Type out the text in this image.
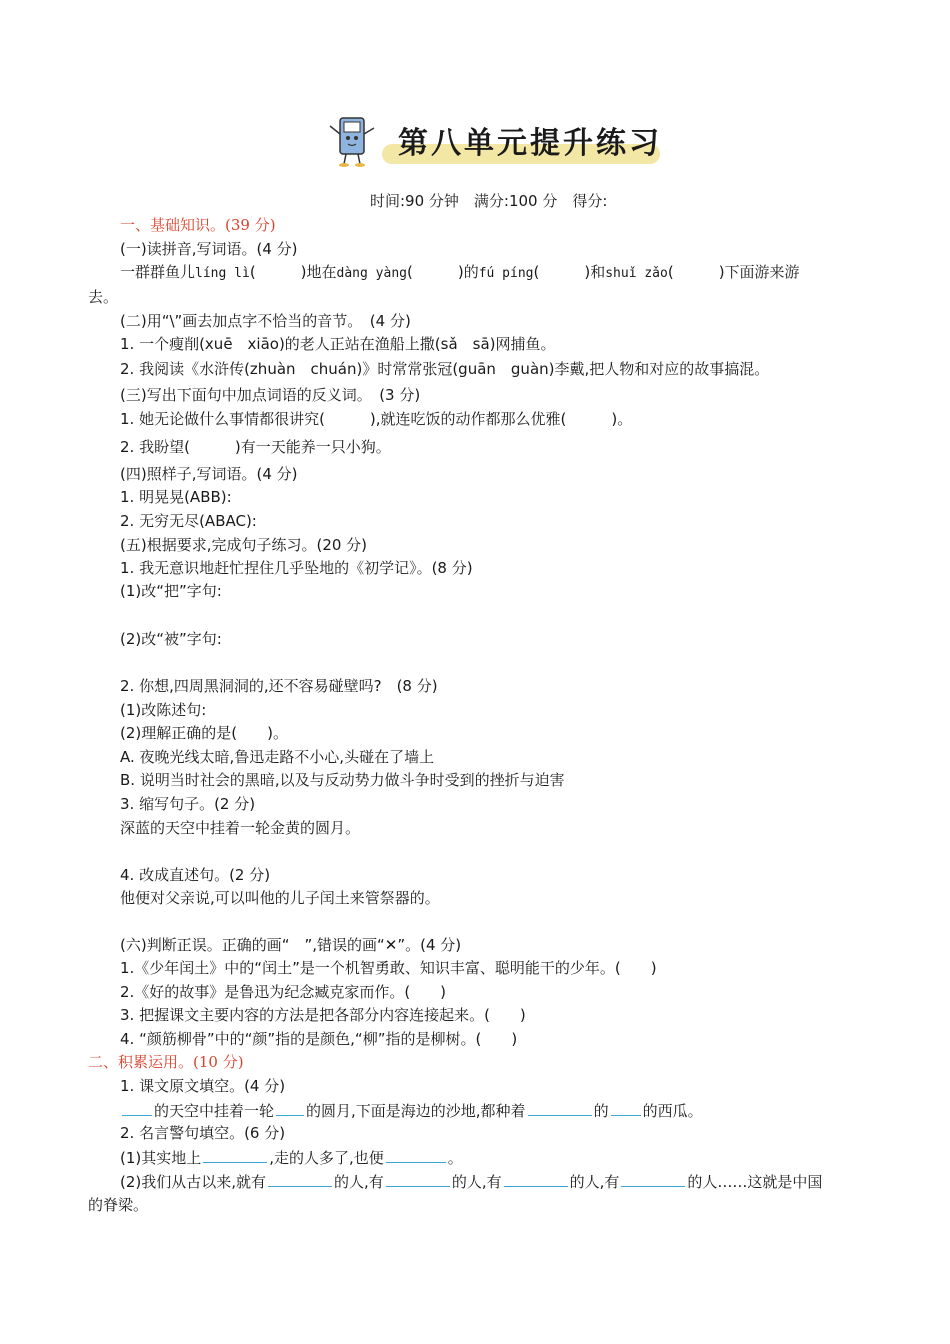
第八单元提升练习
时间:90 分钟　满分:100 分　得分:
一、基础知识。(39 分)
(一)读拼音,写词语。(4 分)
一群群鱼儿líng lì(　　　)地在dàng yàng(　　　)的fú píng(　　　)和shuǐ zǎo(　　　)下面游来游
去。
(二)用“\”画去加点字不恰当的音节。　(4 分)
1. 一个瘦削(xuē　xiāo)的老人正站在渔船上撒(sǎ　sā)网捕鱼。
2. 我阅读《水浒传(zhuàn　chuán)》时常常张冠(guān　guàn)李戴,把人物和对应的故事搞混。
(三)写出下面句中加点词语的反义词。　(3 分)
1. 她无论做什么事情都很讲究(　　　),就连吃饭的动作都那么优雅(　　　)。
2. 我盼望(　　　)有一天能养一只小狗。
(四)照样子,写词语。(4 分)
1. 明晃晃(ABB):
2. 无穷无尽(ABAC):
(五)根据要求,完成句子练习。(20 分)
1. 我无意识地赶忙捏住几乎坠地的《初学记》。(8 分)
(1)改“把”字句:
(2)改“被”字句:
2. 你想,四周黑洞洞的,还不容易碰壁吗?　(8 分)
(1)改陈述句:
(2)理解正确的是(　　)。
A. 夜晚光线太暗,鲁迅走路不小心,头碰在了墙上
B. 说明当时社会的黑暗,以及与反动势力做斗争时受到的挫折与迫害
3. 缩写句子。(2 分)
深蓝的天空中挂着一轮金黄的圆月。
4. 改成直述句。(2 分)
他便对父亲说,可以叫他的儿子闰土来管祭器的。
(六)判断正误。正确的画“　”,错误的画“✕”。(4 分)
1.《少年闰土》中的“闰土”是一个机智勇敢、知识丰富、聪明能干的少年。(　　)
2.《好的故事》是鲁迅为纪念臧克家而作。(　　)
3. 把握课文主要内容的方法是把各部分内容连接起来。(　　)
4. “颜筋柳骨”中的“颜”指的是颜色,“柳”指的是柳树。(　　)
二、积累运用。(10 分)
1. 课文原文填空。(4 分)
的天空中挂着一轮 的圆月,下面是海边的沙地,都种着	的 的西瓜。
2. 名言警句填空。(6 分)
(1)其实地上	,走的人多了,也便	。
(2)我们从古以来,就有	的人,有	的人,有	的人,有	的人……这就是中国
的脊梁。
